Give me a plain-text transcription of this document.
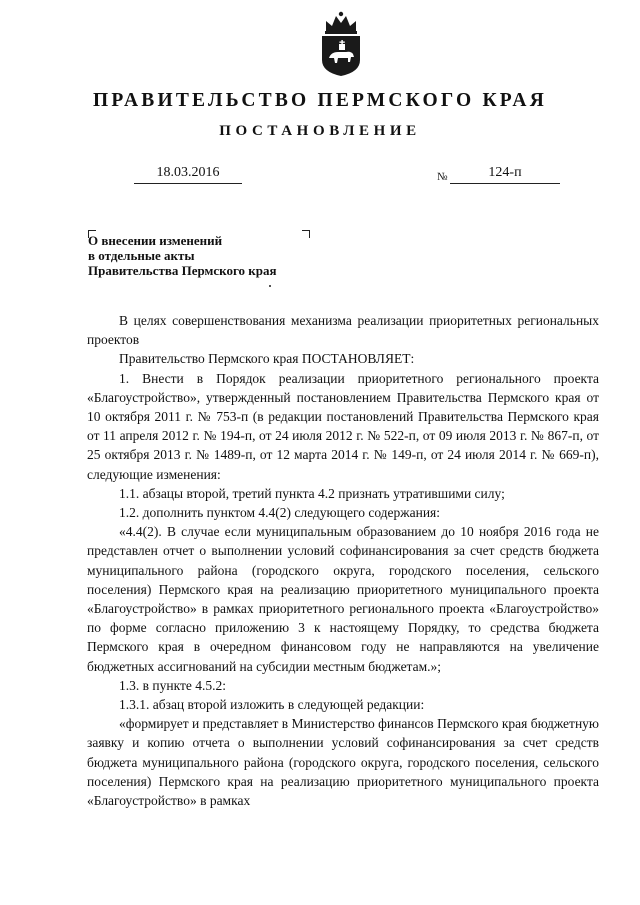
ПРАВИТЕЛЬСТВО ПЕРМСКОГО КРАЯ
ПОСТАНОВЛЕНИЕ
18.03.2016	№	124-п
О внесении изменений
в отдельные акты
Правительства Пермского края

В целях совершенствования механизма реализации приоритетных региональных проектов

Правительство Пермского края ПОСТАНОВЛЯЕТ:

1. Внести в Порядок реализации приоритетного регионального проекта «Благоустройство», утвержденный постановлением Правительства Пермского края от 10 октября 2011 г. № 753-п (в редакции постановлений Правительства Пермского края от 11 апреля 2012 г. № 194-п, от 24 июля 2012 г. № 522-п, от 09 июля 2013 г. № 867-п, от 25 октября 2013 г. № 1489-п, от 12 марта 2014 г. № 149-п, от 24 июля 2014 г. № 669-п), следующие изменения:

1.1. абзацы второй, третий пункта 4.2 признать утратившими силу;

1.2. дополнить пунктом 4.4(2) следующего содержания:

«4.4(2). В случае если муниципальным образованием до 10 ноября 2016 года не представлен отчет о выполнении условий софинансирования за счет средств бюджета муниципального района (городского округа, городского поселения, сельского поселения) Пермского края на реализацию приоритетного муниципального проекта «Благоустройство» в рамках приоритетного регионального проекта «Благоустройство» по форме согласно приложению 3 к настоящему Порядку, то средства бюджета Пермского края в очередном финансовом году не направляются на увеличение бюджетных ассигнований на субсидии местным бюджетам.»;

1.3. в пункте 4.5.2:

1.3.1. абзац второй изложить в следующей редакции:

«формирует и представляет в Министерство финансов Пермского края бюджетную заявку и копию отчета о выполнении условий софинансирования за счет средств бюджета муниципального района (городского округа, городского поселения, сельского поселения) Пермского края на реализацию приоритетного муниципального проекта «Благоустройство» в рамках
